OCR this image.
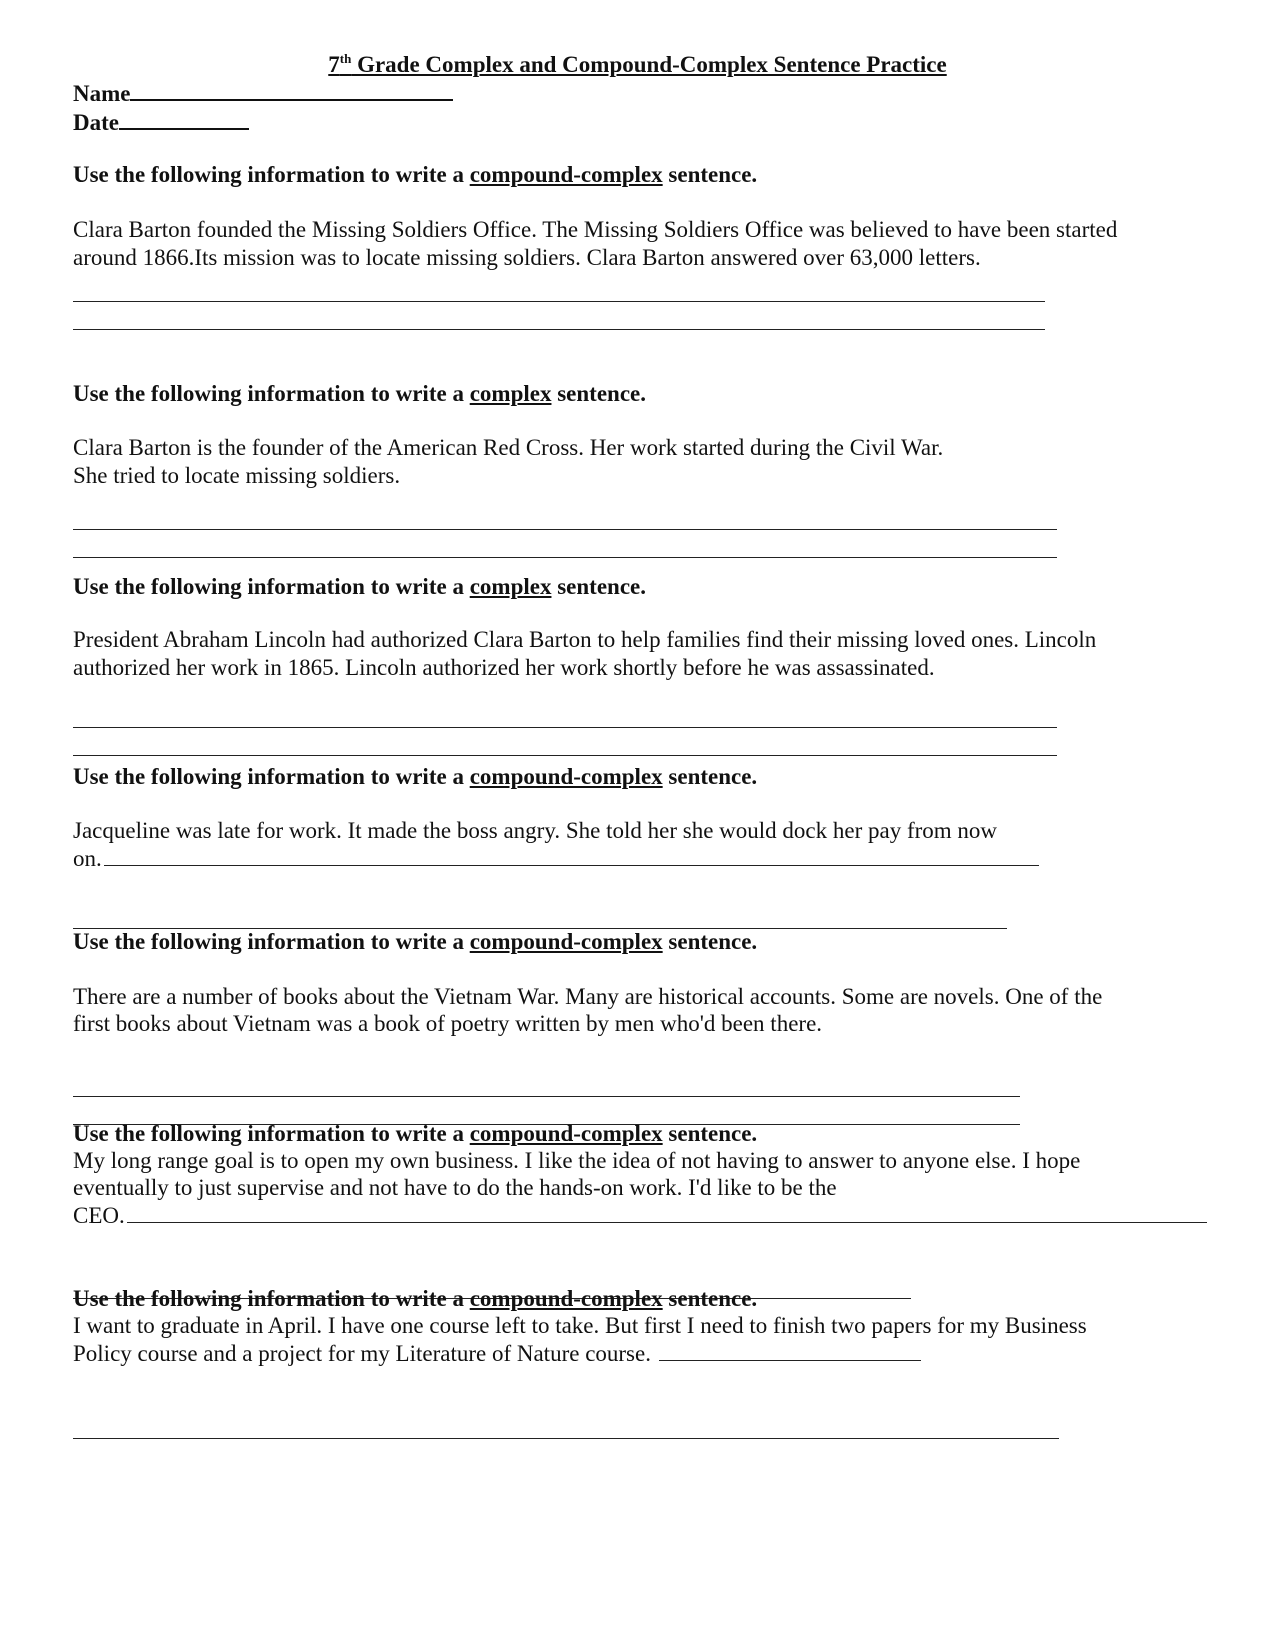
7th Grade Complex and Compound-Complex Sentence Practice

Name

Date

Use the following information to write a compound-complex sentence.

Clara Barton founded the Missing Soldiers Office. The Missing Soldiers Office was believed to have been started

around 1866.Its mission was to locate missing soldiers. Clara Barton answered over 63,000 letters.

Use the following information to write a complex sentence.

Clara Barton is the founder of the American Red Cross. Her work started during the Civil War.

She tried to locate missing soldiers.

Use the following information to write a complex sentence.

President Abraham Lincoln had authorized Clara Barton to help families find their missing loved ones. Lincoln

authorized her work in 1865. Lincoln authorized her work shortly before he was assassinated.

Use the following information to write a compound-complex sentence.

Jacqueline was late for work. It made the boss angry. She told her she would dock her pay from now

on.

Use the following information to write a compound-complex sentence.

There are a number of books about the Vietnam War. Many are historical accounts. Some are novels. One of the

first books about Vietnam was a book of poetry written by men who'd been there.

Use the following information to write a compound-complex sentence.

My long range goal is to open my own business. I like the idea of not having to answer to anyone else. I hope

eventually to just supervise and not have to do the hands-on work. I'd like to be the

CEO.

Use the following information to write a compound-complex sentence.

I want to graduate in April. I have one course left to take. But first I need to finish two papers for my Business

Policy course and a project for my Literature of Nature course.
